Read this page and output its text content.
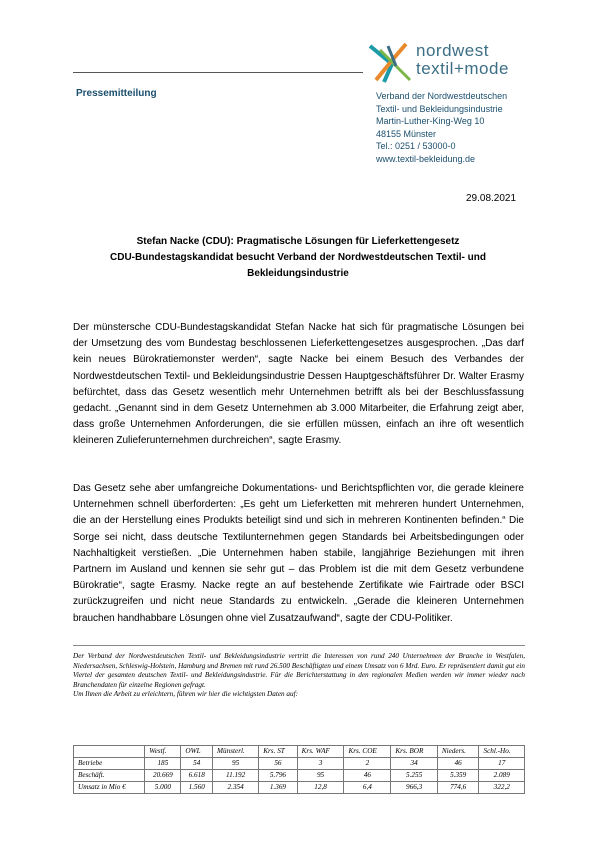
nordwest
textil+mode
Pressemitteilung	Verband der Nordwestdeutschen
Textil- und Bekleidungsindustrie
Martin-Luther-King-Weg 10
48155 Münster
Tel.: 0251 / 53000-0
www.textil-bekleidung.de
29.08.2021
Stefan Nacke (CDU): Pragmatische Lösungen für Lieferkettengesetz
CDU-Bundestagskandidat besucht Verband der Nordwestdeutschen Textil- und
Bekleidungsindustrie
Der münstersche CDU-Bundestagskandidat Stefan Nacke hat sich für pragmatische Lösungen bei der Umsetzung des vom Bundestag beschlossenen Lieferkettengesetzes ausgesprochen. „Das darf kein neues Bürokratiemonster werden“, sagte Nacke bei einem Besuch des Verbandes der Nordwestdeutschen Textil- und Bekleidungsindustrie Dessen Hauptgeschäftsführer Dr. Walter Erasmy befürchtet, dass das Gesetz wesentlich mehr Unternehmen betrifft als bei der Beschlussfassung gedacht. „Genannt sind in dem Gesetz Unternehmen ab 3.000 Mitarbeiter, die Erfahrung zeigt aber, dass große Unternehmen Anforderungen, die sie erfüllen müssen, einfach an ihre oft wesentlich kleineren Zulieferunternehmen durchreichen“, sagte Erasmy.
Das Gesetz sehe aber umfangreiche Dokumentations- und Berichtspflichten vor, die gerade kleinere Unternehmen schnell überforderten: „Es geht um Lieferketten mit mehreren hundert Unternehmen, die an der Herstellung eines Produkts beteiligt sind und sich in mehreren Kontinenten befinden.“ Die Sorge sei nicht, dass deutsche Textilunternehmen gegen Standards bei Arbeitsbedingungen oder Nachhaltigkeit verstießen. „Die Unternehmen haben stabile, langjährige Beziehungen mit ihren Partnern im Ausland und kennen sie sehr gut – das Problem ist die mit dem Gesetz verbundene Bürokratie“, sagte Erasmy. Nacke regte an auf bestehende Zertifikate wie Fairtrade oder BSCI zurückzugreifen und nicht neue Standards zu entwickeln. „Gerade die kleineren Unternehmen brauchen handhabbare Lösungen ohne viel Zusatzaufwand“, sagte der CDU-Politiker.
Der Verband der Nordwestdeutschen Textil- und Bekleidungsindustrie vertritt die Interessen von rund 240 Unternehmen der Branche in Westfalen, Niedersachsen, Schleswig-Holstein, Hamburg und Bremen mit rund 26.500 Beschäftigten und einem Umsatz von 6 Mrd. Euro. Er repräsentiert damit gut ein Viertel der gesamten deutschen Textil- und Bekleidungsindustrie. Für die Berichterstattung in den regionalen Medien werden wir immer wieder nach Branchendaten für einzelne Regionen gefragt.
Um Ihnen die Arbeit zu erleichtern, führen wir hier die wichtigsten Daten auf:
	Westf.	OWL	Münsterl.	Krs. ST	Krs. WAF	Krs. COE	Krs. BOR	Nieders.	Schl.-Ho.
Betriebe	185	54	95	56	3	2	34	46	17
Beschäft.	20.669	6.618	11.192	5.796	95	46	5.255	5.359	2.089
Umsatz in Mio €	5.000	1.560	2.354	1.369	12,8	6,4	966,3	774,6	322,2
